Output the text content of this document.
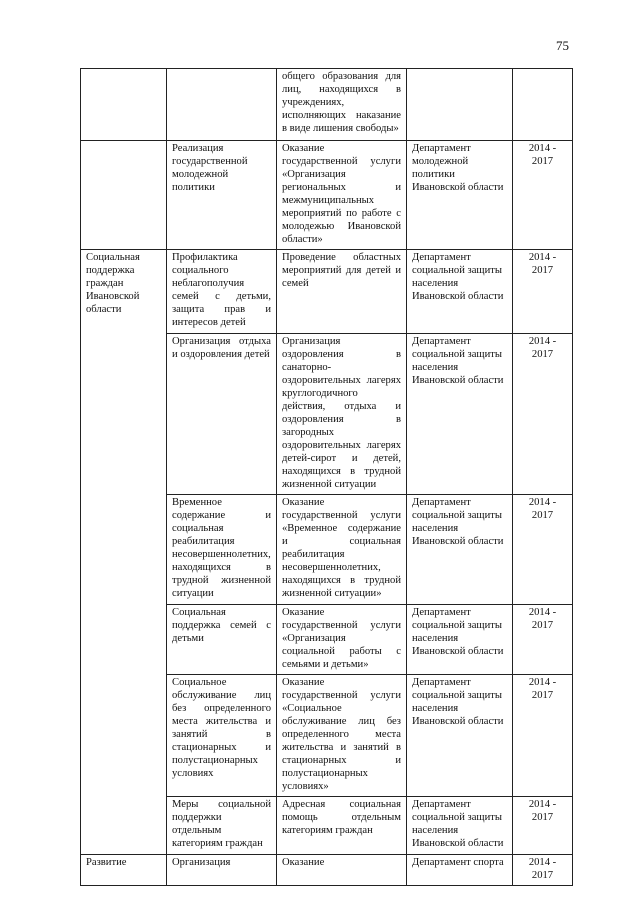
75
		общего образования для лиц, находящихся в учреждениях, исполняющих наказание в виде лишения свободы»		
	Реализация государственной молодежной политики	Оказание государственной услуги «Организация региональных и межмуниципальных мероприятий по работе с молодежью Ивановской области»	Департамент молодежной политики Ивановской области	2014 - 2017
Социальная поддержка граждан Ивановской области	Профилактика социального неблагополучия семей с детьми, защита прав и интересов детей	Проведение областных мероприятий для детей и семей	Департамент социальной защиты населения Ивановской области	2014 - 2017
	Организация отдыха и оздоровления детей	Организация оздоровления в санаторно-оздоровительных лагерях круглогодичного действия, отдыха и оздоровления в загородных оздоровительных лагерях детей-сирот и детей, находящихся в трудной жизненной ситуации	Департамент социальной защиты населения Ивановской области	2014 - 2017
	Временное содержание и социальная реабилитация несовершеннолетних, находящихся в трудной жизненной ситуации	Оказание государственной услуги «Временное содержание и социальная реабилитация несовершеннолетних, находящихся в трудной жизненной ситуации»	Департамент социальной защиты населения Ивановской области	2014 - 2017
	Социальная поддержка семей с детьми	Оказание государственной услуги «Организация социальной работы с семьями и детьми»	Департамент социальной защиты населения Ивановской области	2014 - 2017
	Социальное обслуживание лиц без определенного места жительства и занятий в стационарных и полустационарных условиях	Оказание государственной услуги «Социальное обслуживание лиц без определенного места жительства и занятий в стационарных и полустационарных условиях»	Департамент социальной защиты населения Ивановской области	2014 - 2017
	Меры социальной поддержки отдельным категориям граждан	Адресная социальная помощь отдельным категориям граждан	Департамент социальной защиты населения Ивановской области	2014 - 2017
Развитие	Организация	Оказание	Департамент спорта	2014 - 2017
